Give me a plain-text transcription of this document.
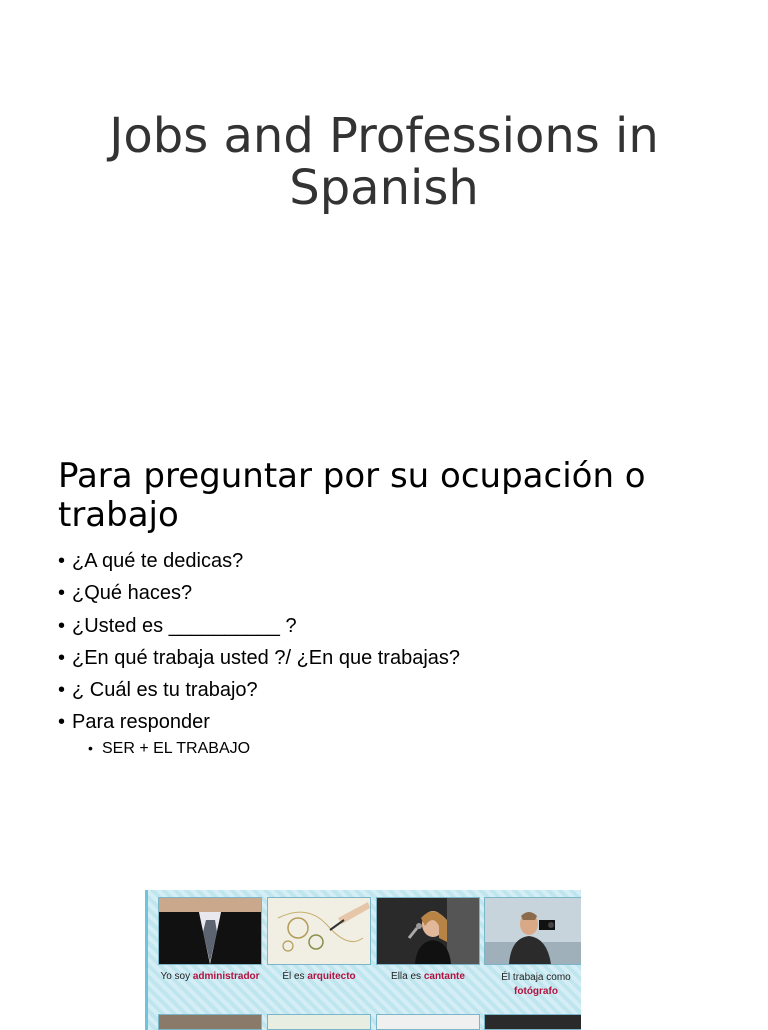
Jobs and Professions in Spanish
Para preguntar por su ocupación o trabajo
• ¿A qué te dedicas?
• ¿Qué haces?
• ¿Usted es __________ ?
• ¿En qué trabaja usted ?/ ¿En que trabajas?
• ¿ Cuál es tu trabajo?
• Para responder
• SER + EL TRABAJO
Yo soy administrador	Él es arquitecto	Ella es cantante	Él trabaja como
fotógrafo
